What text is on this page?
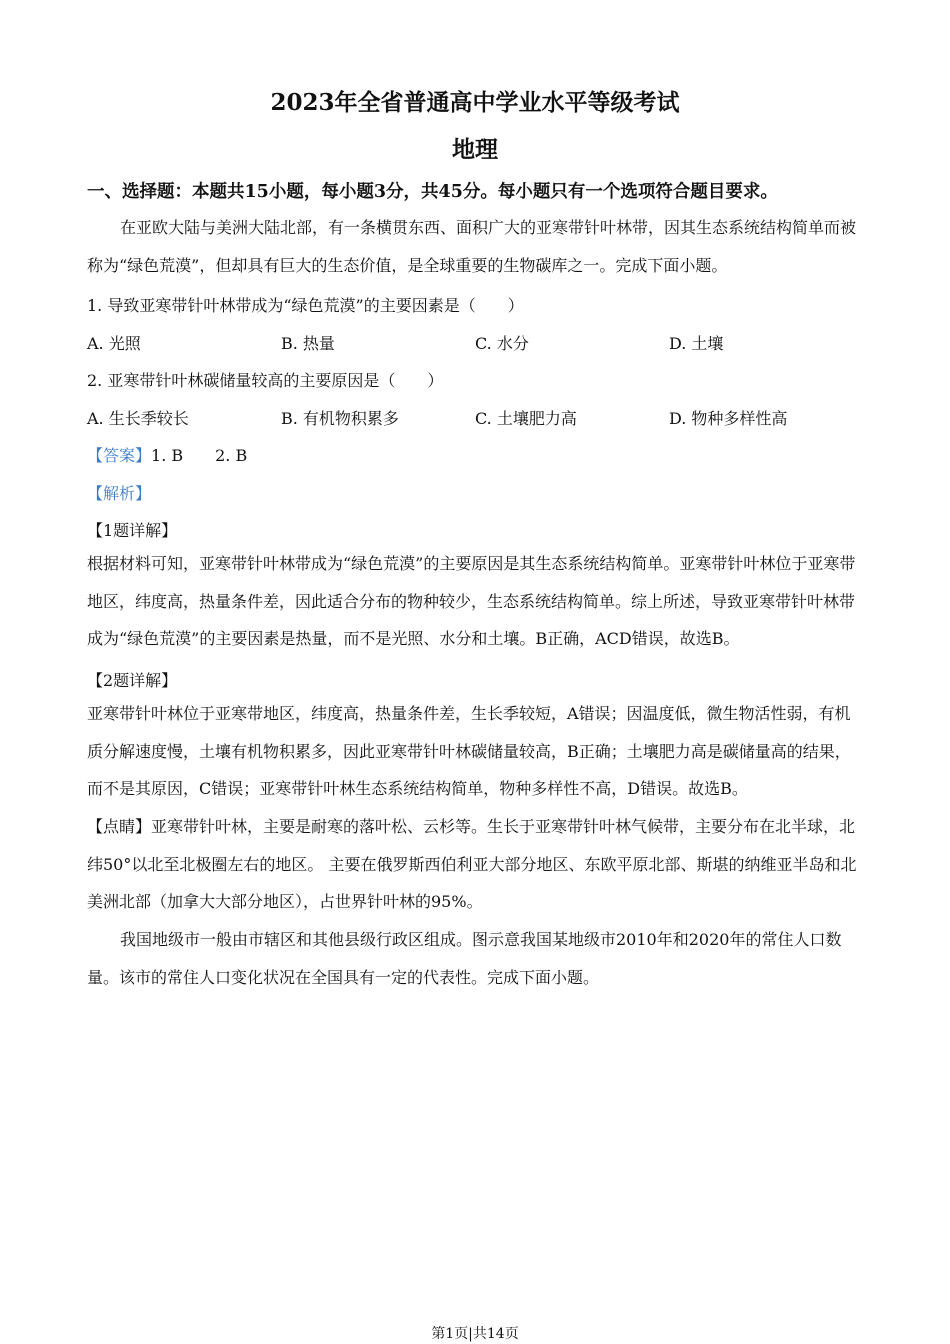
2023年全省普通高中学业水平等级考试
地理
一、选择题：本题共15小题，每小题3分，共45分。每小题只有一个选项符合题目要求。

在亚欧大陆与美洲大陆北部，有一条横贯东西、面积广大的亚寒带针叶林带，因其生态系统结构简单而被称为“绿色荒漠”，但却具有巨大的生态价值，是全球重要的生物碳库之一。完成下面小题。

1. 导致亚寒带针叶林带成为“绿色荒漠”的主要因素是（　　）
A. 光照	B. 热量	C. 水分	D. 土壤
2. 亚寒带针叶林碳储量较高的主要原因是（　　）
A. 生长季较长	B. 有机物积累多	C. 土壤肥力高	D. 物种多样性高
【答案】1. B　　2. B
【解析】
【1题详解】

根据材料可知，亚寒带针叶林带成为“绿色荒漠”的主要原因是其生态系统结构简单。亚寒带针叶林位于亚寒带地区，纬度高，热量条件差，因此适合分布的物种较少，生态系统结构简单。综上所述，导致亚寒带针叶林带成为“绿色荒漠”的主要因素是热量，而不是光照、水分和土壤。B正确，ACD错误，故选B。

【2题详解】

亚寒带针叶林位于亚寒带地区，纬度高，热量条件差，生长季较短，A错误；因温度低，微生物活性弱，有机质分解速度慢，土壤有机物积累多，因此亚寒带针叶林碳储量较高，B正确；土壤肥力高是碳储量高的结果，而不是其原因，C错误；亚寒带针叶林生态系统结构简单，物种多样性不高，D错误。故选B。

【点睛】亚寒带针叶林，主要是耐寒的落叶松、云杉等。生长于亚寒带针叶林气候带，主要分布在北半球，北纬50°以北至北极圈左右的地区。 主要在俄罗斯西伯利亚大部分地区、东欧平原北部、斯堪的纳维亚半岛和北美洲北部（加拿大大部分地区），占世界针叶林的95%。

我国地级市一般由市辖区和其他县级行政区组成。图示意我国某地级市2010年和2020年的常住人口数量。该市的常住人口变化状况在全国具有一定的代表性。完成下面小题。

第1页|共14页
